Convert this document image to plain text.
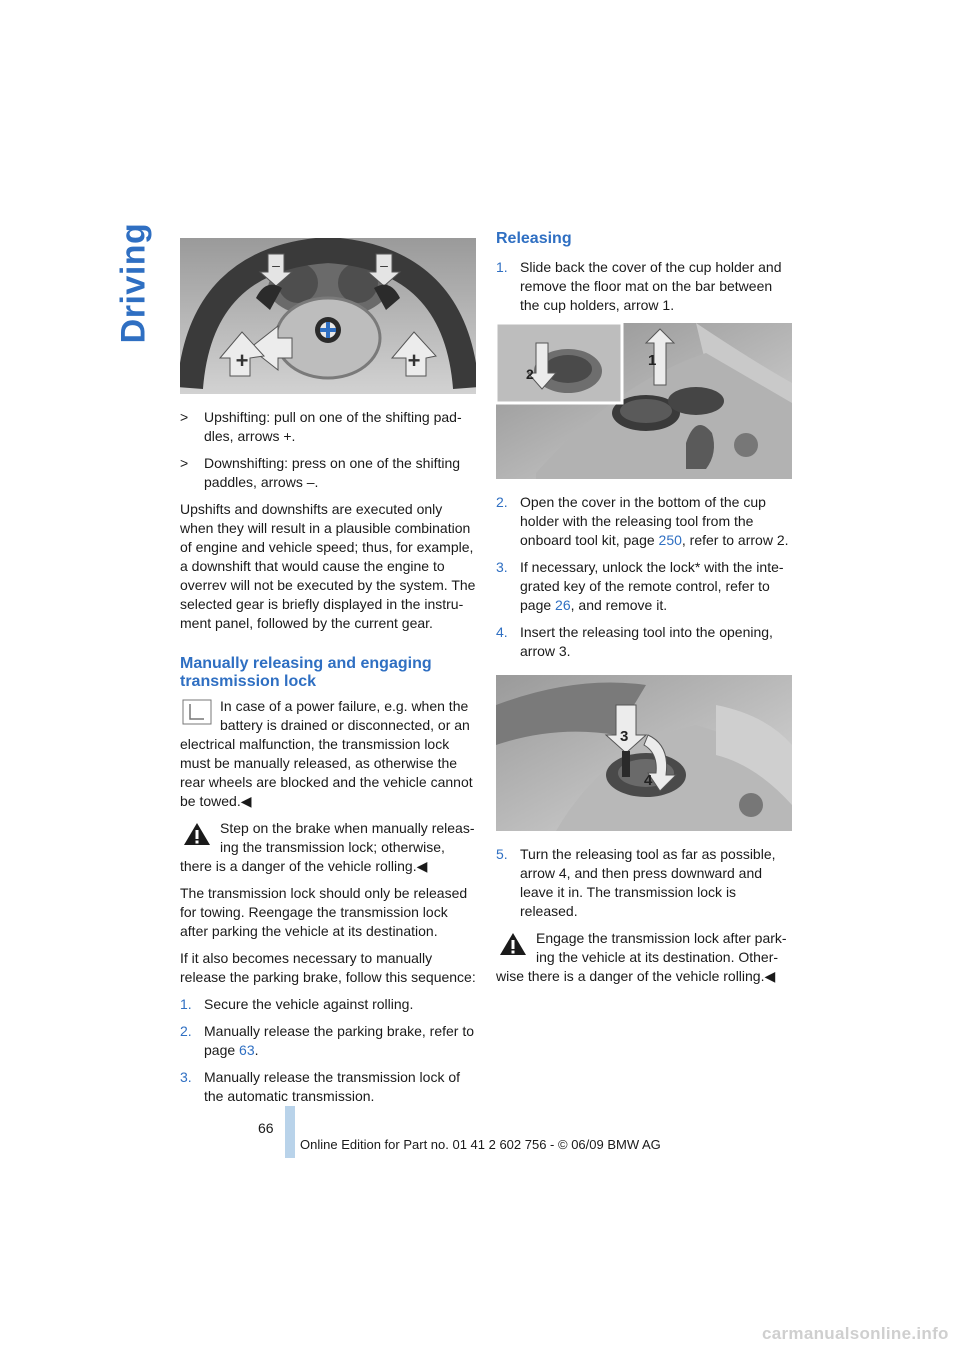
Driving	–	–
+	+
>	Upshifting: pull on one of the shifting pad-dles, arrows +.
>	Downshifting: press on one of the shifting paddles, arrows –.

Upshifts and downshifts are executed only when they will result in a plausible combination of engine and vehicle speed; thus, for example, a downshift that would cause the engine to overrev will not be executed by the system. The selected gear is briefly displayed in the instru-ment panel, followed by the current gear.

Manually releasing and engaging transmission lock
In case of a power failure, e.g. when the battery is drained or disconnected, or an electrical malfunction, the transmission lock must be manually released, as otherwise the rear wheels are blocked and the vehicle cannot be towed.◀
Step on the brake when manually releas-ing the transmission lock; otherwise, there is a danger of the vehicle rolling.◀

The transmission lock should only be released for towing. Reengage the transmission lock after parking the vehicle at its destination.

If it also becomes necessary to manually release the parking brake, follow this sequence:

1. Secure the vehicle against rolling.
2. Manually release the parking brake, refer to page 63.
3. Manually release the transmission lock of the automatic transmission.
Releasing
1. Slide back the cover of the cup holder and remove the floor mat on the bar between the cup holders, arrow 1.
2
1
2. Open the cover in the bottom of the cup holder with the releasing tool from the onboard tool kit, page 250, refer to arrow 2.
3. If necessary, unlock the lock* with the inte-grated key of the remote control, refer to page 26, and remove it.
4. Insert the releasing tool into the opening, arrow 3.
3
4
5. Turn the releasing tool as far as possible, arrow 4, and then press downward and leave it in. The transmission lock is released.
Engage the transmission lock after park-ing the vehicle at its destination. Other-wise there is a danger of the vehicle rolling.◀
66
Online Edition for Part no. 01 41 2 602 756 - © 06/09 BMW AG
carmanualsonline.info
